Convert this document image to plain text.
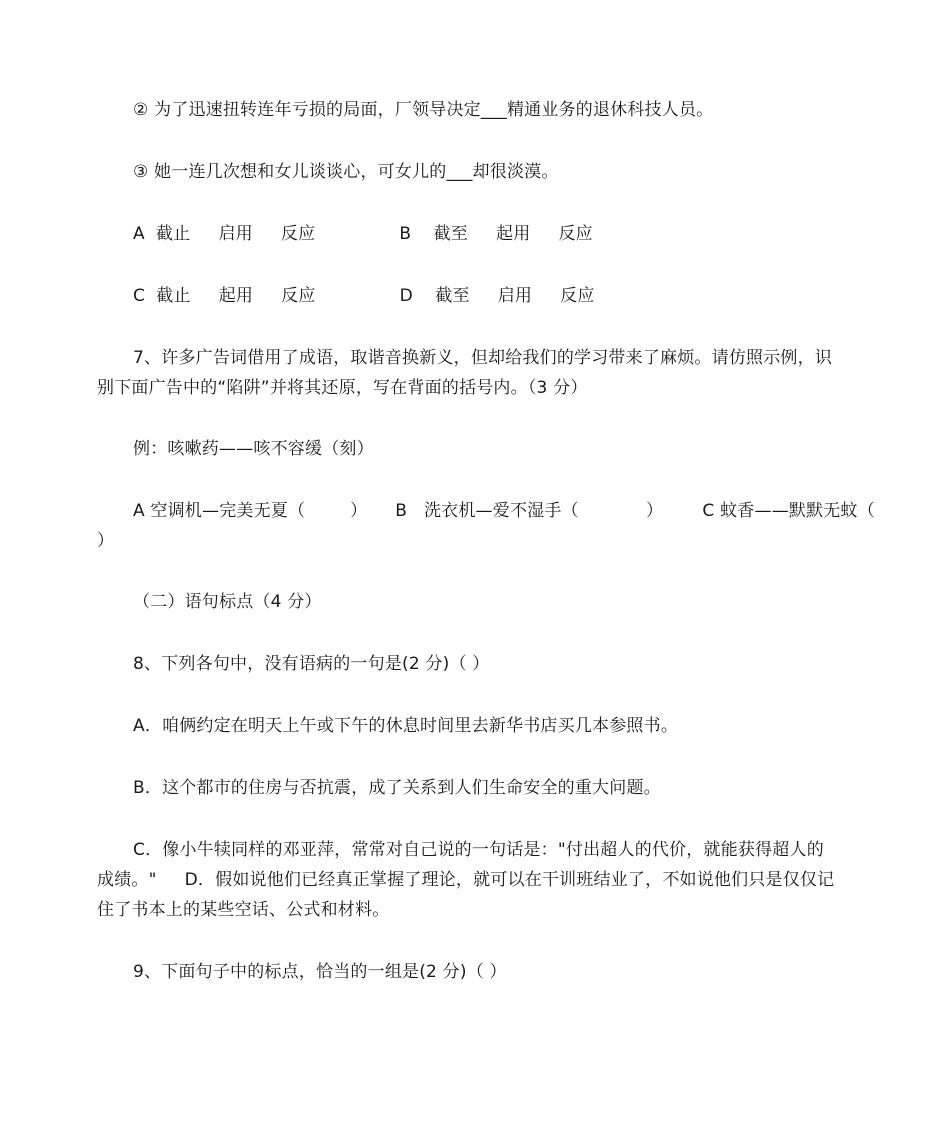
② 为了迅速扭转连年亏损的局面，厂领导决定___精通业务的退休科技人员。
③ 她一连几次想和女儿谈谈心，可女儿的___却很淡漠。
A  截止     启用     反应               B    截至     起用     反应
C  截止     起用     反应               D    截至     启用     反应
7、许多广告词借用了成语，取谐音换新义，但却给我们的学习带来了麻烦。请仿照示例，识
别下面广告中的“陷阱”并将其还原，写在背面的括号内。（3 分）
例：咳嗽药——咳不容缓（刻）
A 空调机—完美无夏（        ）     B   洗衣机—爱不湿手（            ）       C 蚊香——默默无蚊（
）
（二）语句标点（4 分）
8、下列各句中，没有语病的一句是(2 分)（ ）
A．咱俩约定在明天上午或下午的休息时间里去新华书店买几本参照书。
B．这个都市的住房与否抗震，成了关系到人们生命安全的重大问题。
C．像小牛犊同样的邓亚萍，常常对自己说的一句话是："付出超人的代价，就能获得超人的
成绩。"     D．假如说他们已经真正掌握了理论，就可以在干训班结业了，不如说他们只是仅仅记
住了书本上的某些空话、公式和材料。
9、下面句子中的标点，恰当的一组是(2 分)（ ）
